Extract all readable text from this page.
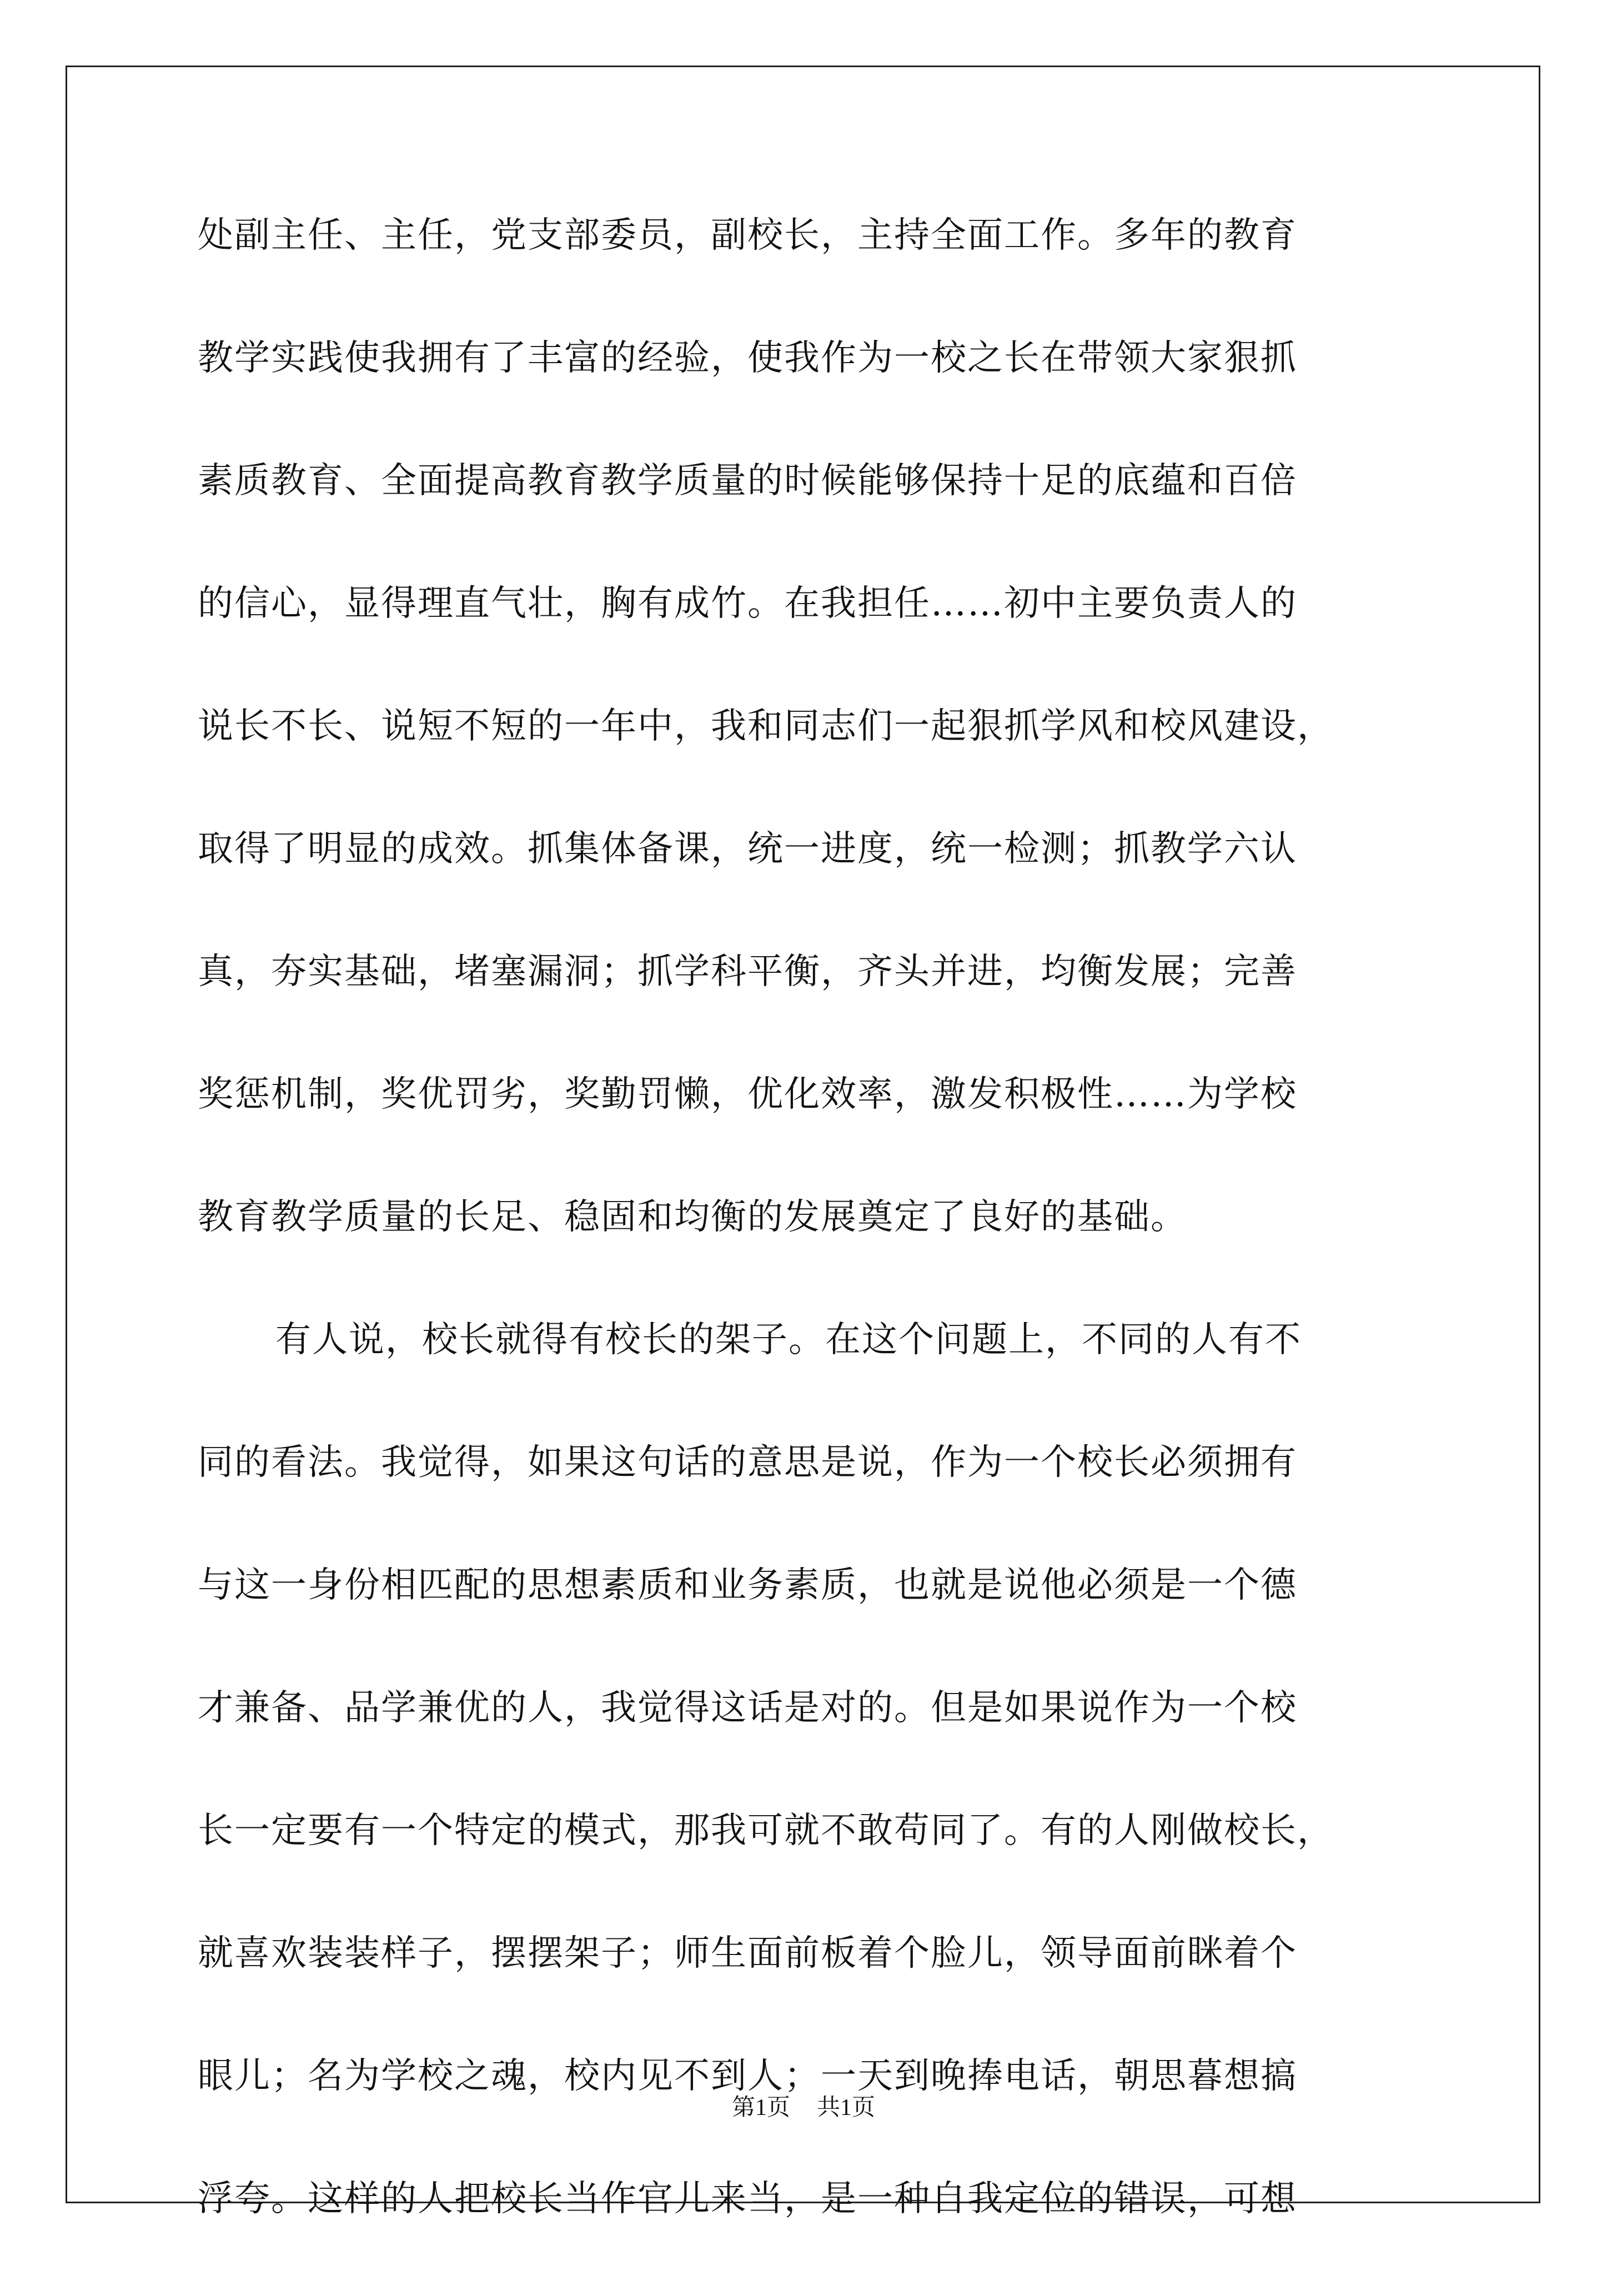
处副主任、主任，党支部委员，副校长，主持全面工作。多年的教育
教学实践使我拥有了丰富的经验，使我作为一校之长在带领大家狠抓
素质教育、全面提高教育教学质量的时候能够保持十足的底蕴和百倍
的信心，显得理直气壮，胸有成竹。在我担任……初中主要负责人的
说长不长、说短不短的一年中，我和同志们一起狠抓学风和校风建设，
取得了明显的成效。抓集体备课，统一进度，统一检测；抓教学六认
真，夯实基础，堵塞漏洞；抓学科平衡，齐头并进，均衡发展；完善
奖惩机制，奖优罚劣，奖勤罚懒，优化效率，激发积极性……为学校
教育教学质量的长足、稳固和均衡的发展奠定了良好的基础。
有人说，校长就得有校长的架子。在这个问题上，不同的人有不
同的看法。我觉得，如果这句话的意思是说，作为一个校长必须拥有
与这一身份相匹配的思想素质和业务素质，也就是说他必须是一个德
才兼备、品学兼优的人，我觉得这话是对的。但是如果说作为一个校
长一定要有一个特定的模式，那我可就不敢苟同了。有的人刚做校长，
就喜欢装装样子，摆摆架子；师生面前板着个脸儿，领导面前眯着个
眼儿；名为学校之魂，校内见不到人；一天到晚捧电话，朝思暮想搞
浮夸。这样的人把校长当作官儿来当，是一种自我定位的错误，可想
第1页 共1页
